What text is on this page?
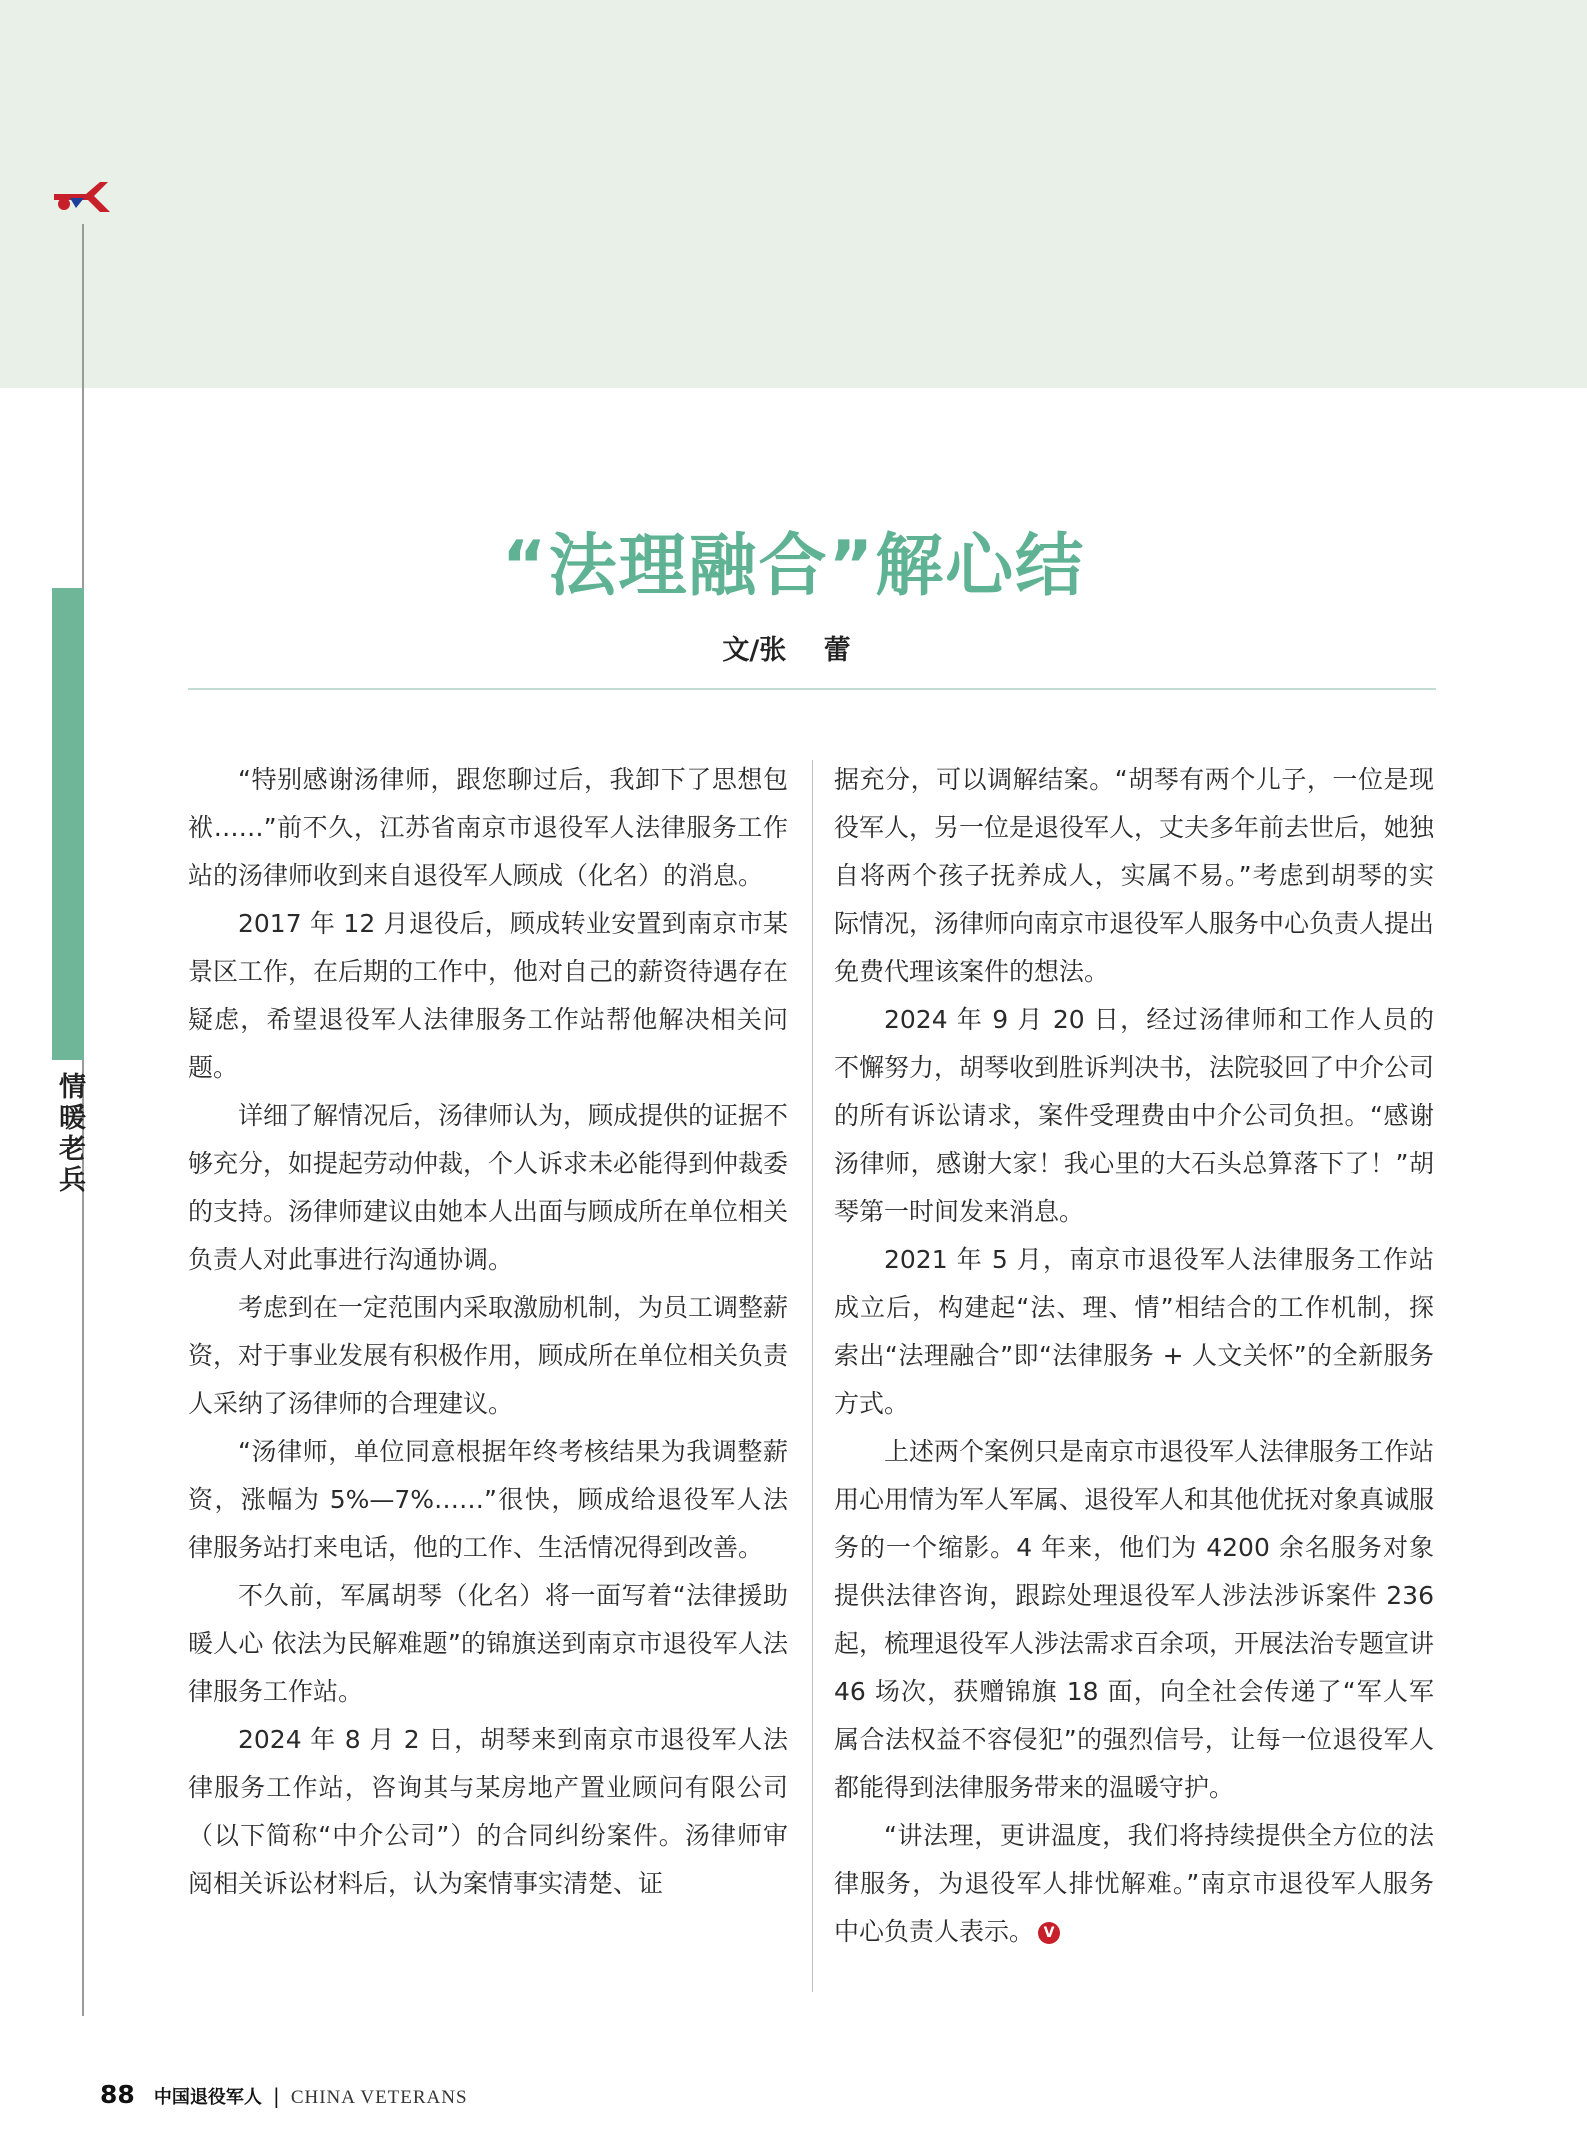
情暖老兵
“法理融合”解心结
文/张 蕾

“特别感谢汤律师，跟您聊过后，我卸下了思想包袱……”前不久，江苏省南京市退役军人法律服务工作站的汤律师收到来自退役军人顾成（化名）的消息。

2017 年 12 月退役后，顾成转业安置到南京市某景区工作，在后期的工作中，他对自己的薪资待遇存在疑虑，希望退役军人法律服务工作站帮他解决相关问题。

详细了解情况后，汤律师认为，顾成提供的证据不够充分，如提起劳动仲裁，个人诉求未必能得到仲裁委的支持。汤律师建议由她本人出面与顾成所在单位相关负责人对此事进行沟通协调。

考虑到在一定范围内采取激励机制，为员工调整薪资，对于事业发展有积极作用，顾成所在单位相关负责人采纳了汤律师的合理建议。

“汤律师，单位同意根据年终考核结果为我调整薪资，涨幅为 5%—7%……”很快，顾成给退役军人法律服务站打来电话，他的工作、生活情况得到改善。

不久前，军属胡琴（化名）将一面写着“法律援助暖人心 依法为民解难题”的锦旗送到南京市退役军人法律服务工作站。

2024 年 8 月 2 日，胡琴来到南京市退役军人法律服务工作站，咨询其与某房地产置业顾问有限公司（以下简称“中介公司”）的合同纠纷案件。汤律师审阅相关诉讼材料后，认为案情事实清楚、证

据充分，可以调解结案。“胡琴有两个儿子，一位是现役军人，另一位是退役军人，丈夫多年前去世后，她独自将两个孩子抚养成人，实属不易。”考虑到胡琴的实际情况，汤律师向南京市退役军人服务中心负责人提出免费代理该案件的想法。

2024 年 9 月 20 日，经过汤律师和工作人员的不懈努力，胡琴收到胜诉判决书，法院驳回了中介公司的所有诉讼请求，案件受理费由中介公司负担。“感谢汤律师，感谢大家！我心里的大石头总算落下了！”胡琴第一时间发来消息。

2021 年 5 月，南京市退役军人法律服务工作站成立后，构建起“法、理、情”相结合的工作机制，探索出“法理融合”即“法律服务 + 人文关怀”的全新服务方式。

上述两个案例只是南京市退役军人法律服务工作站用心用情为军人军属、退役军人和其他优抚对象真诚服务的一个缩影。4 年来，他们为 4200 余名服务对象提供法律咨询，跟踪处理退役军人涉法涉诉案件 236 起，梳理退役军人涉法需求百余项，开展法治专题宣讲 46 场次，获赠锦旗 18 面，向全社会传递了“军人军属合法权益不容侵犯”的强烈信号，让每一位退役军人都能得到法律服务带来的温暖守护。

“讲法理，更讲温度，我们将持续提供全方位的法律服务，为退役军人排忧解难。”南京市退役军人服务中心负责人表示。 V

88 中国退役军人 | CHINA VETERANS
